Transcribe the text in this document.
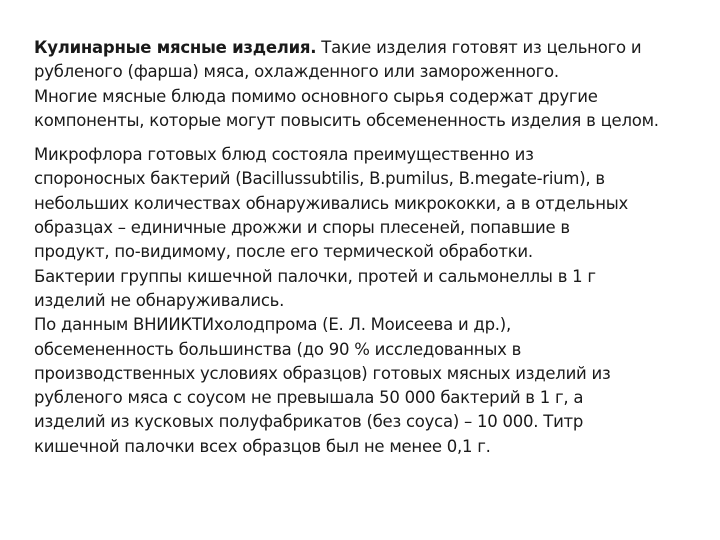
Кулинарные мясные изделия. Такие изделия готовят из цельного и
рубленого (фарша) мяса, охлажденного или замороженного.
Многие мясные блюда помимо основного сырья содержат другие
компоненты, которые могут повысить обсемененность изделия в целом.

Микрофлора готовых блюд состояла преимущественно из
спороносных бактерий (Bacillussubtilis, B.pumilus, B.megate-rium), в
небольших количествах обнаруживались микрококки, а в отдельных
образцах – единичные дрожжи и споры плесеней, попавшие в
продукт, по-видимому, после его термической обработки.
Бактерии группы кишечной палочки, протей и сальмонеллы в 1 г
изделий не обнаруживались.
По данным ВНИИКТИхолодпрома (Е. Л. Моисеева и др.),
обсемененность большинства (до 90 % исследованных в
производственных условиях образцов) готовых мясных изделий из
рубленого мяса с соусом не превышала 50 000 бактерий в 1 г, а
изделий из кусковых полуфабрикатов (без соуса) – 10 000. Титр
кишечной палочки всех образцов был не менее 0,1 г.
